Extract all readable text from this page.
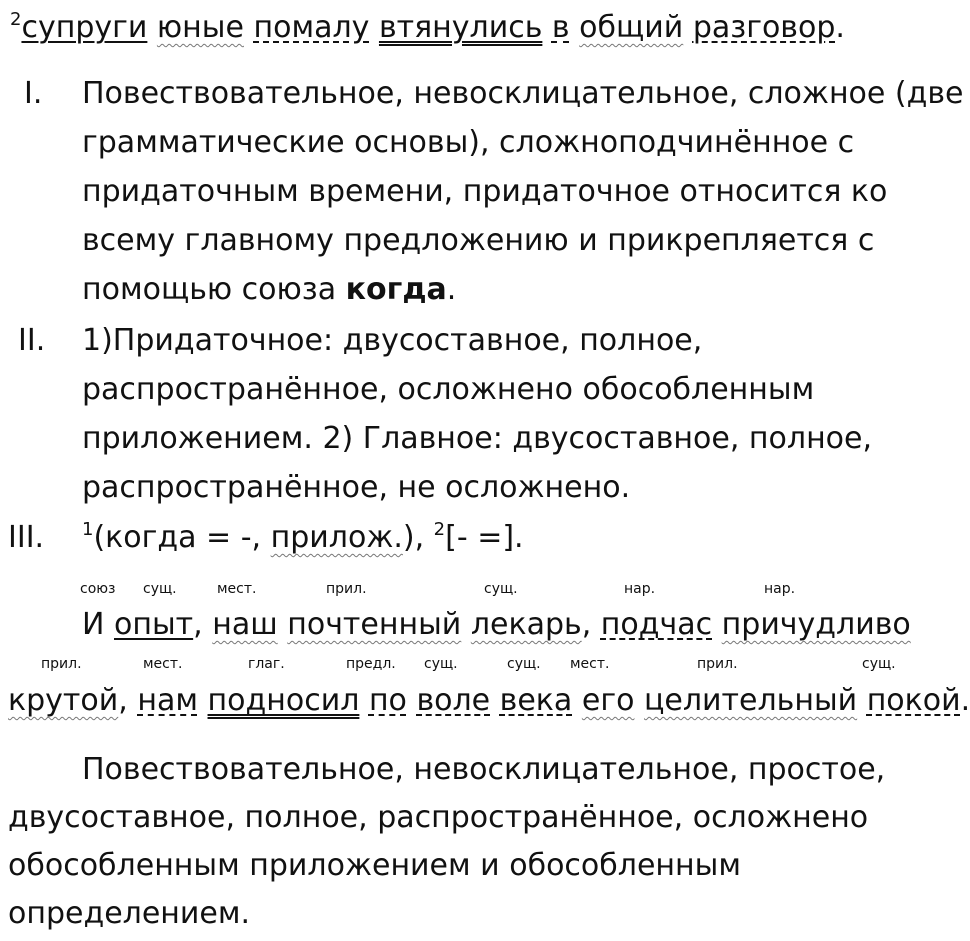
$^2$супруги юные помалу втянулись в общий разговор.
I. Повествовательное, невосклицательное, сложное (две
грамматические основы), сложноподчинённое с
придаточным времени, придаточное относится ко
всему главному предложению и прикрепляется с
помощью союза когда.
II. 1)Придаточное: двусоставное, полное,
распространённое, осложнено обособленным
приложением. 2) Главное: двусоставное, полное,
распространённое, не осложнено.
III. $^1$(когда = -, прилож.), $^2$[- =].
союз сущ.	мест.	прил.	сущ.	нар.	нар.
И опыт, наш почтенный лекарь, подчас причудливо
прил.	мест.	глаг.	предл. сущ.	сущ. мест.	прил.	сущ.
крутой, нам подносил по воле века его целительный покой.
Повествовательное, невосклицательное, простое,
двусоставное, полное, распространённое, осложнено
обособленным приложением и обособленным
определением.
